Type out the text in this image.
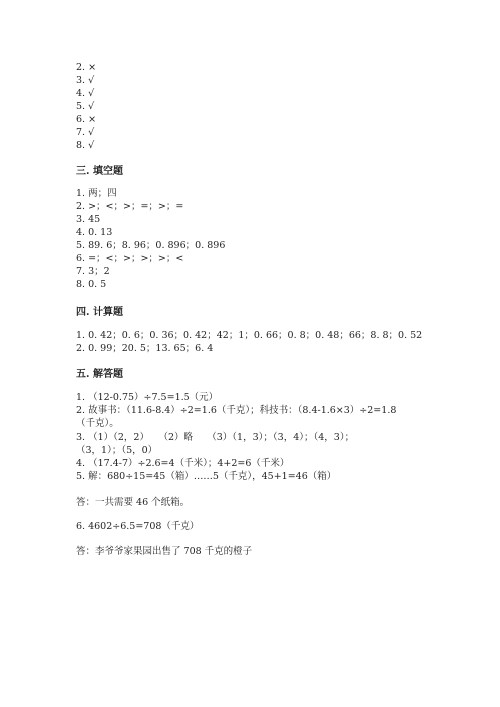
2. ×
3. √
4. √
5. √
6. ×
7. √
8. √
三. 填空题
1. 两；四
2. >；<；>；=；>；=
3. 45
4. 0. 13
5. 89. 6；8. 96；0. 896；0. 896
6. =；<；>；>；>；<
7. 3；2
8. 0. 5
四. 计算题
1. 0. 42；0. 6；0. 36；0. 42；42；1；0. 66；0. 8；0. 48；66；8. 8；0. 52
2. 0. 99；20. 5；13. 65；6. 4
五. 解答题
1. （12-0.75）÷7.5=1.5（元）
2. 故事书：（11.6-8.4）÷2=1.6（千克）；科技书：（8.4-1.6×3）÷2=1.8
（千克）。
3. （1）（2，2）　　（2）略　　（3）（1，3）；（3，4）；（4，3）；
（3，1）；（5，0）
4. （17.4-7）÷2.6=4（千米）；4+2=6（千米）
5. 解：680÷15=45（箱）……5（千克），45+1=46（箱）
答：一共需要 46 个纸箱。
6. 4602÷6.5=708（千克）
答：李爷爷家果园出售了 708 千克的橙子
